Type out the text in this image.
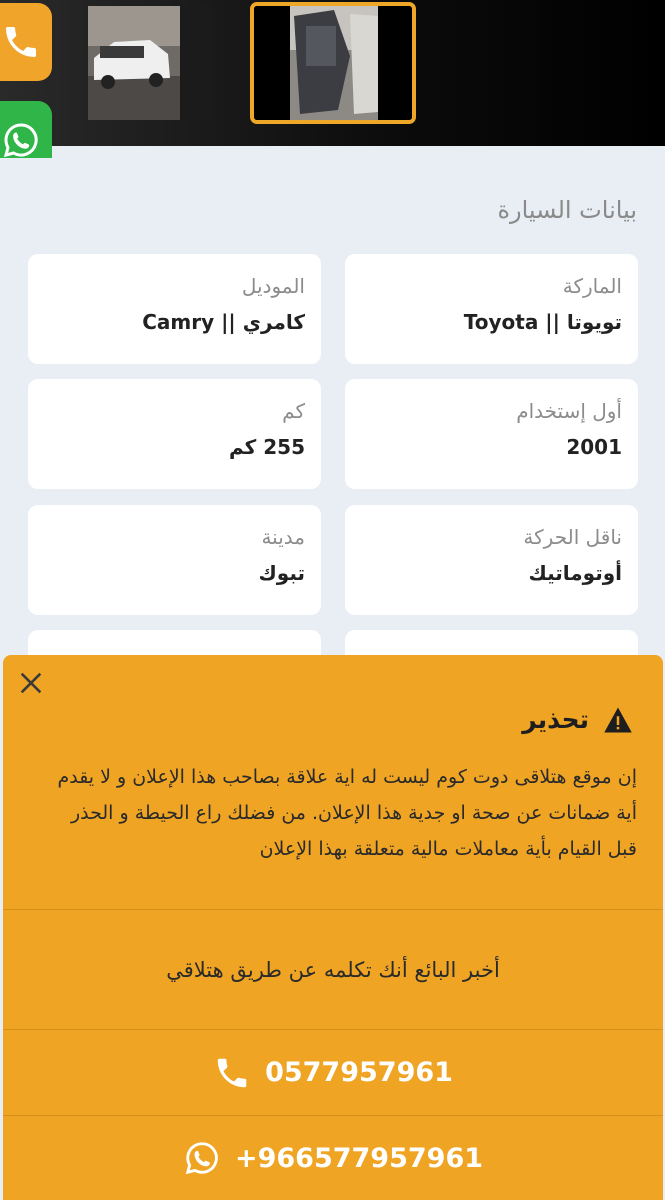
بيانات السيارة
الماركة
تويوتا || Toyota
الموديل
كامري || Camry
أول إستخدام
2001
كم
255 كم
ناقل الحركة
أوتوماتيك
مدينة
تبوك
تحذير
إن موقع هتلاقى دوت كوم ليست له اية علاقة بصاحب هذا الإعلان و لا يقدم أية ضمانات عن صحة او جدية هذا الإعلان. من فضلك راع الحيطة و الحذر قبل القيام بأية معاملات مالية متعلقة بهذا الإعلان
أخبر البائع أنك تكلمه عن طريق هتلاقي
0577957961
+966577957961
